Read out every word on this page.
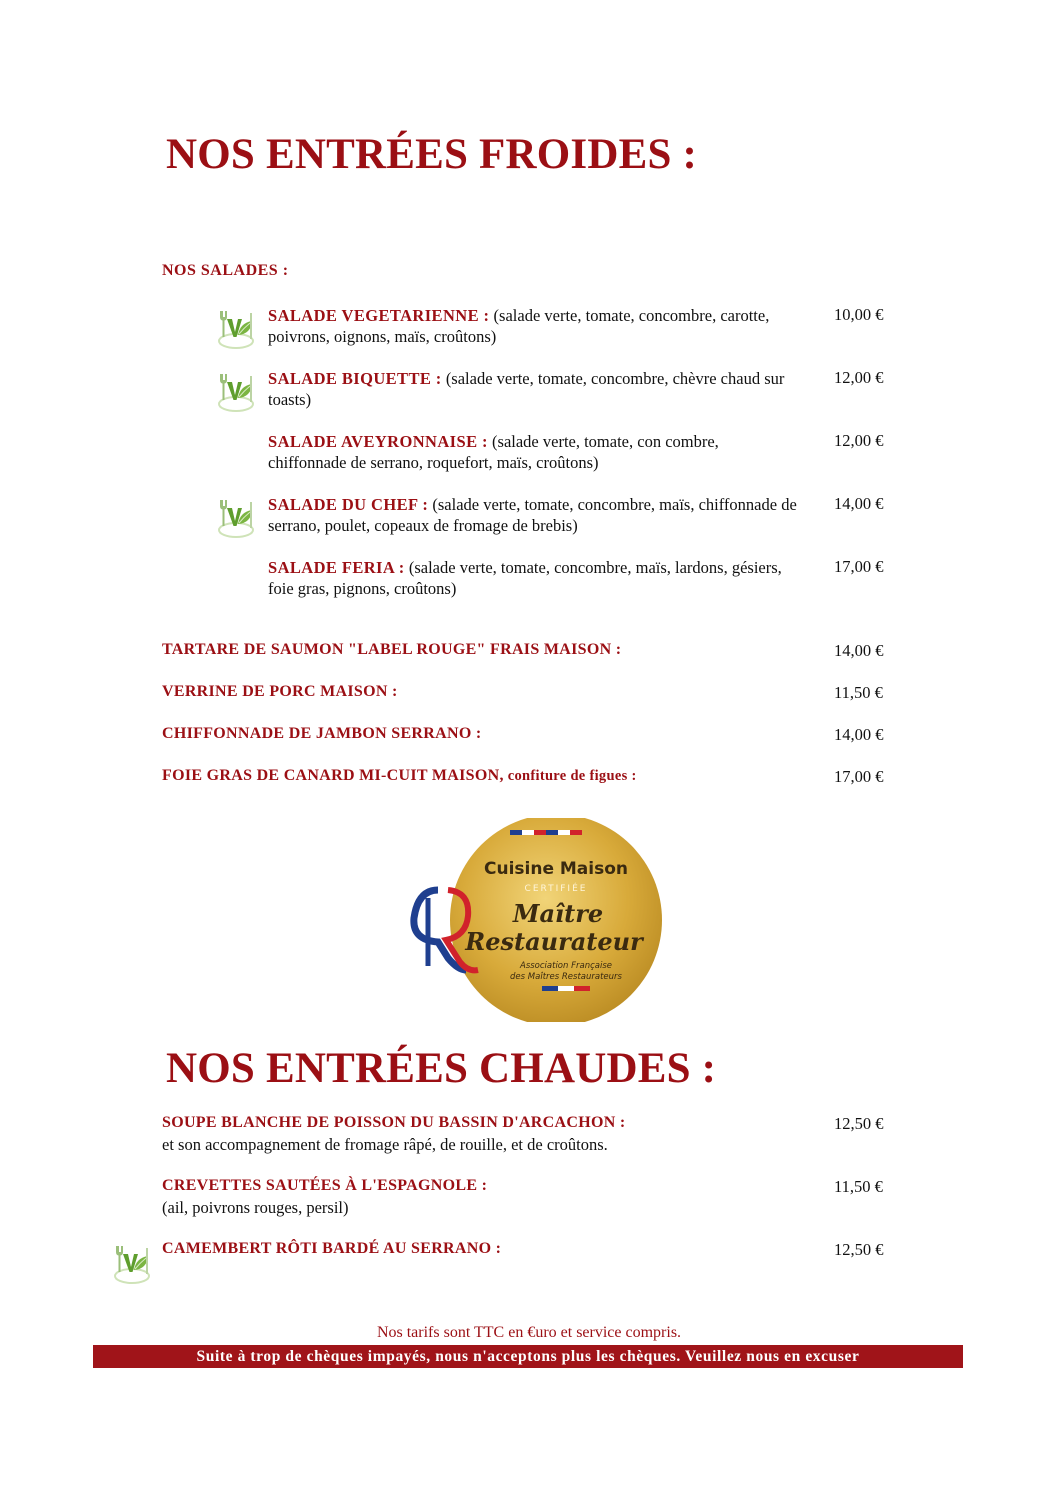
NOS ENTRÉES FROIDES :
NOS SALADES :
SALADE VEGETARIENNE : (salade verte, tomate, concombre, carotte, poivrons, oignons, maïs, croûtons)
10,00 €
SALADE BIQUETTE : (salade verte, tomate, concombre, chèvre chaud sur toasts)
12,00 €
SALADE AVEYRONNAISE : (salade verte, tomate, con combre, chiffonnade de serrano, roquefort, maïs, croûtons)
12,00 €
SALADE DU CHEF : (salade verte, tomate, concombre, maïs, chiffonnade de serrano, poulet, copeaux de fromage de brebis)
14,00 €
SALADE FERIA : (salade verte, tomate, concombre, maïs, lardons, gésiers, foie gras, pignons, croûtons)
17,00 €
TARTARE DE SAUMON "LABEL ROUGE" FRAIS MAISON :	14,00 €
VERRINE DE PORC MAISON :	11,50 €
CHIFFONNADE DE JAMBON SERRANO :	14,00 €
FOIE GRAS DE CANARD MI-CUIT MAISON, confiture de figues :	17,00 €
Cuisine Maison
CERTIFIÉE
Maître
Restaurateur
Association Française
des Maîtres Restaurateurs
NOS ENTRÉES CHAUDES :
SOUPE BLANCHE DE POISSON DU BASSIN D'ARCACHON :	12,50 €
et son accompagnement de fromage râpé, de rouille, et de croûtons.
CREVETTES SAUTÉES À L'ESPAGNOLE :	11,50 €
(ail, poivrons rouges, persil)
CAMEMBERT RÔTI BARDÉ AU SERRANO :	12,50 €
Nos tarifs sont TTC en €uro et service compris.
Suite à trop de chèques impayés, nous n'acceptons plus les chèques. Veuillez nous en excuser
